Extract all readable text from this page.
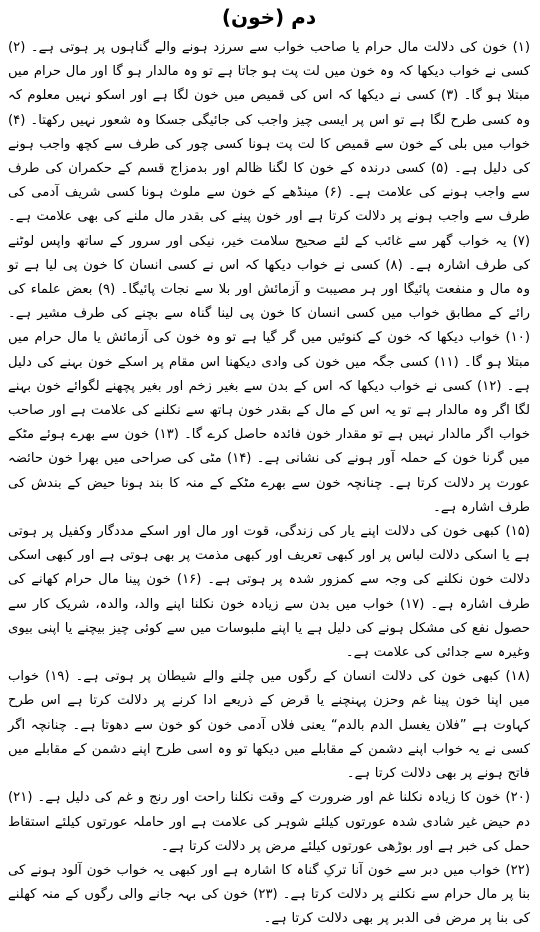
دم (خون)

(۱) خون کی دلالت مال حرام یا صاحب خواب سے سرزد ہونے والے گناہوں پر ہوتی ہے۔ (۲) کسی نے خواب دیکھا کہ وہ خون میں لت پت ہو جاتا ہے تو وہ مالدار ہو گا اور مال حرام میں مبتلا ہو گا۔ (۳) کسی نے دیکھا کہ اس کی قمیص میں خون لگا ہے اور اسکو نہیں معلوم کہ وہ کسی طرح لگا ہے تو اس پر ایسی چیز واجب کی جائیگی جسکا وہ شعور نہیں رکھتا۔ (۴) خواب میں بلی کے خون سے قمیص کا لت پت ہونا کسی چور کی طرف سے کچھ واجب ہونے کی دلیل ہے۔ (۵) کسی درندہ کے خون کا لگنا ظالم اور بدمزاج قسم کے حکمران کی طرف سے واجب ہونے کی علامت ہے۔ (۶) مینڈھے کے خون سے ملوث ہونا کسی شریف آدمی کی طرف سے واجب ہونے پر دلالت کرتا ہے اور خون پینے کی بقدر مال ملنے کی بھی علامت ہے۔ (۷) یہ خواب گھر سے غائب کے لئے صحیح سلامت خیر، نیکی اور سرور کے ساتھ واپس لوٹنے کی طرف اشارہ ہے۔ (۸) کسی نے خواب دیکھا کہ اس نے کسی انسان کا خون پی لیا ہے تو وہ مال و منفعت پائیگا اور ہر مصیبت و آزمائش اور بلا سے نجات پائیگا۔ (۹) بعض علماء کی رائے کے مطابق خواب میں کسی انسان کا خون پی لینا گناہ سے بچنے کی طرف مشیر ہے۔ (۱۰) خواب دیکھا کہ خون کے کنوئیں میں گر گیا ہے تو وہ خون کی آزمائش یا مال حرام میں مبتلا ہو گا۔ (۱۱) کسی جگہ میں خون کی وادی دیکھنا اس مقام پر اسکے خون بہنے کی دلیل ہے۔ (۱۲) کسی نے خواب دیکھا کہ اس کے بدن سے بغیر زخم اور بغیر پچھنے لگوائے خون بہنے لگا اگر وہ مالدار ہے تو یہ اس کے مال کے بقدر خون ہاتھ سے نکلنے کی علامت ہے اور صاحب خواب اگر مالدار نہیں ہے تو مقدار خون فائدہ حاصل کرے گا۔ (۱۳) خون سے بھرے ہوئے مٹکے میں گرنا خون کے حملہ آور ہونے کی نشانی ہے۔ (۱۴) مٹی کی صراحی میں بھرا خون حائضہ عورت پر دلالت کرتا ہے۔ چنانچہ خون سے بھرے مٹکے کے منہ کا بند ہونا حیض کے بندش کی طرف اشارہ ہے۔

(۱۵) کبھی خون کی دلالت اپنے یار کی زندگی، قوت اور مال اور اسکے مددگار وکفیل پر ہوتی ہے یا اسکی دلالت لباس پر اور کبھی تعریف اور کبھی مذمت پر بھی ہوتی ہے اور کبھی اسکی دلالت خون نکلنے کی وجہ سے کمزور شدہ پر ہوتی ہے۔ (۱۶) خون پینا مال حرام کھانے کی طرف اشارہ ہے۔ (۱۷) خواب میں بدن سے زیادہ خون نکلنا اپنے والد، والدہ، شریک کار سے حصول نفع کی مشکل ہونے کی دلیل ہے یا اپنے ملبوسات میں سے کوئی چیز بیچنے یا اپنی بیوی وغیرہ سے جدائی کی علامت ہے۔

(۱۸) کبھی خون کی دلالت انسان کے رگوں میں چلنے والے شیطان پر ہوتی ہے۔ (۱۹) خواب میں اپنا خون پینا غم وحزن پہنچنے یا قرض کے ذریعے ادا کرنے پر دلالت کرتا ہے اس طرح کہاوت ہے ”فلان یغسل الدم بالدم“ یعنی فلاں آدمی خون کو خون سے دھوتا ہے۔ چنانچہ اگر کسی نے یہ خواب اپنے دشمن کے مقابلے میں دیکھا تو وہ اسی طرح اپنے دشمن کے مقابلے میں فاتح ہونے پر بھی دلالت کرتا ہے۔

(۲۰) خون کا زیادہ نکلنا غم اور ضرورت کے وقت نکلنا راحت اور رنج و غم کی دلیل ہے۔ (۲۱) دم حیض غیر شادی شدہ عورتوں کیلئے شوہر کی علامت ہے اور حاملہ عورتوں کیلئے استقاط حمل کی خبر ہے اور بوڑھی عورتوں کیلئے مرض پر دلالت کرتا ہے۔

(۲۲) خواب میں دبر سے خون آنا ترکِ گناہ کا اشارہ ہے اور کبھی یہ خواب خون آلود ہونے کی بنا پر مال حرام سے نکلنے پر دلالت کرتا ہے۔ (۲۳) خون کی بہہ جانے والی رگوں کے منہ کھلنے کی بنا پر مرض فی الدبر پر بھی دلالت کرتا ہے۔
